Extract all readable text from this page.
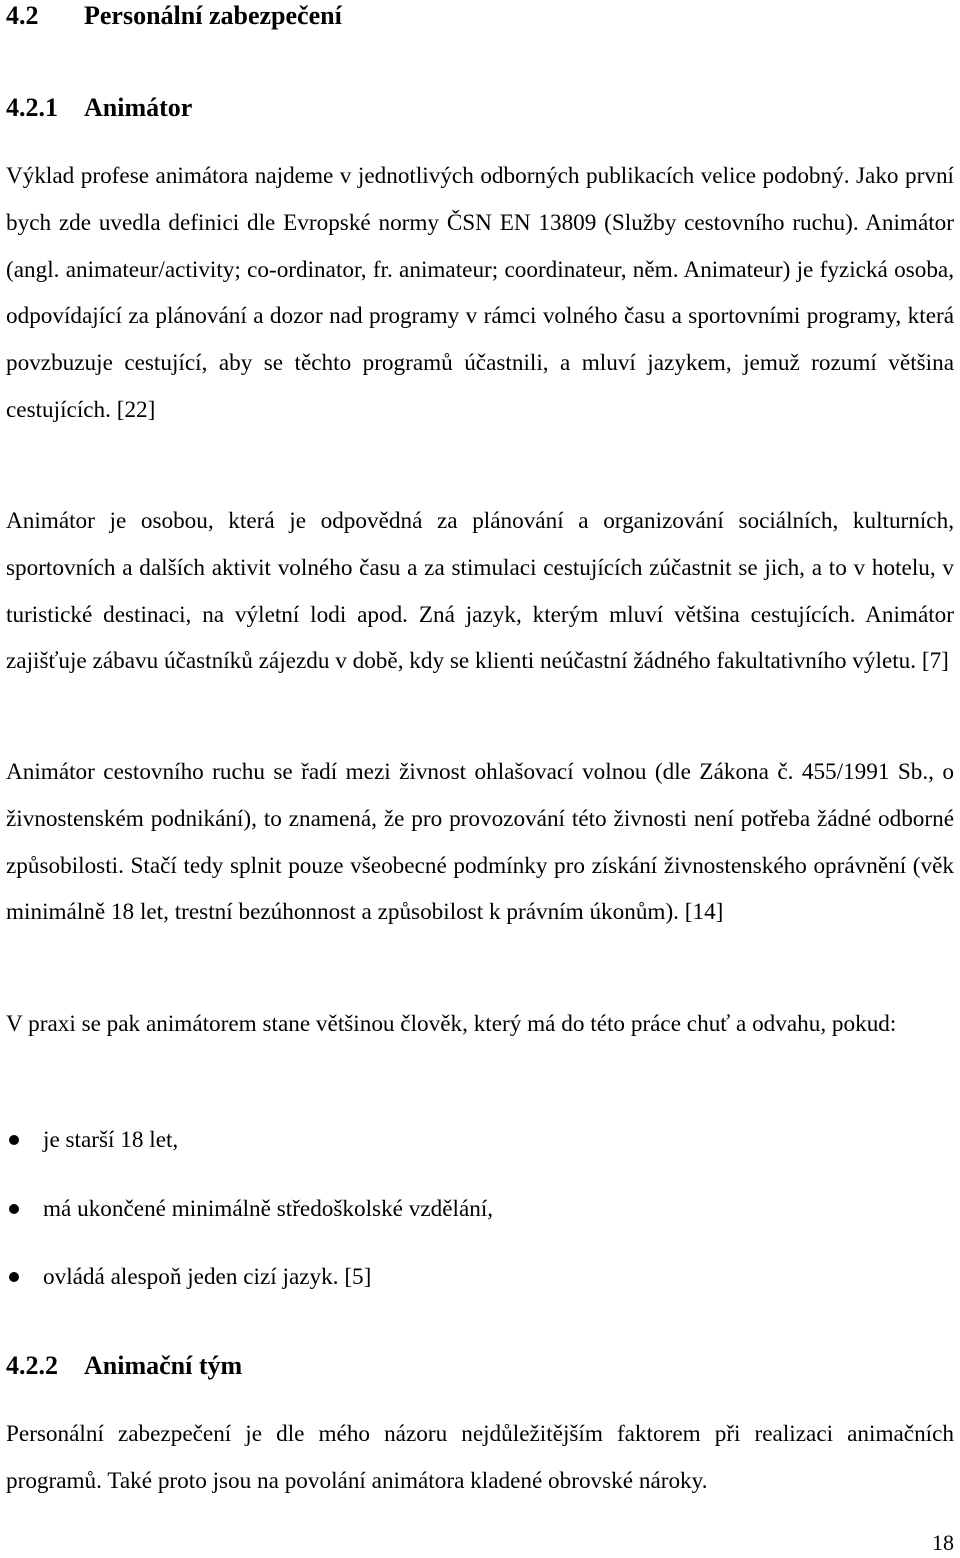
4.2 Personální zabezpečení
4.2.1 Animátor

Výklad profese animátora najdeme v jednotlivých odborných publikacích velice podobný. Jako první bych zde uvedla definici dle Evropské normy ČSN EN 13809 (Služby cestovního ruchu). Animátor (angl. animateur/activity; co-ordinator, fr. animateur; coordinateur, něm. Animateur) je fyzická osoba, odpovídající za plánování a dozor nad programy v rámci volného času a sportovními programy, která povzbuzuje cestující, aby se těchto programů účastnili, a mluví jazykem, jemuž rozumí většina cestujících. [22]

Animátor je osobou, která je odpovědná za plánování a organizování sociálních, kulturních, sportovních a dalších aktivit volného času a za stimulaci cestujících zúčastnit se jich, a to v hotelu, v turistické destinaci, na výletní lodi apod. Zná jazyk, kterým mluví většina cestujících. Animátor zajišťuje zábavu účastníků zájezdu v době, kdy se klienti neúčastní žádného fakultativního výletu. [7]

Animátor cestovního ruchu se řadí mezi živnost ohlašovací volnou (dle Zákona č. 455/1991 Sb., o živnostenském podnikání), to znamená, že pro provozování této živnosti není potřeba žádné odborné způsobilosti. Stačí tedy splnit pouze všeobecné podmínky pro získání živnostenského oprávnění (věk minimálně 18 let, trestní bezúhonnost a způsobilost k právním úkonům). [14]

V praxi se pak animátorem stane většinou člověk, který má do této práce chuť a odvahu, pokud:

je starší 18 let,
má ukončené minimálně středoškolské vzdělání,
ovládá alespoň jeden cizí jazyk. [5]
4.2.2 Animační tým

Personální zabezpečení je dle mého názoru nejdůležitějším faktorem při realizaci animačních programů. Také proto jsou na povolání animátora kladené obrovské nároky.

18
